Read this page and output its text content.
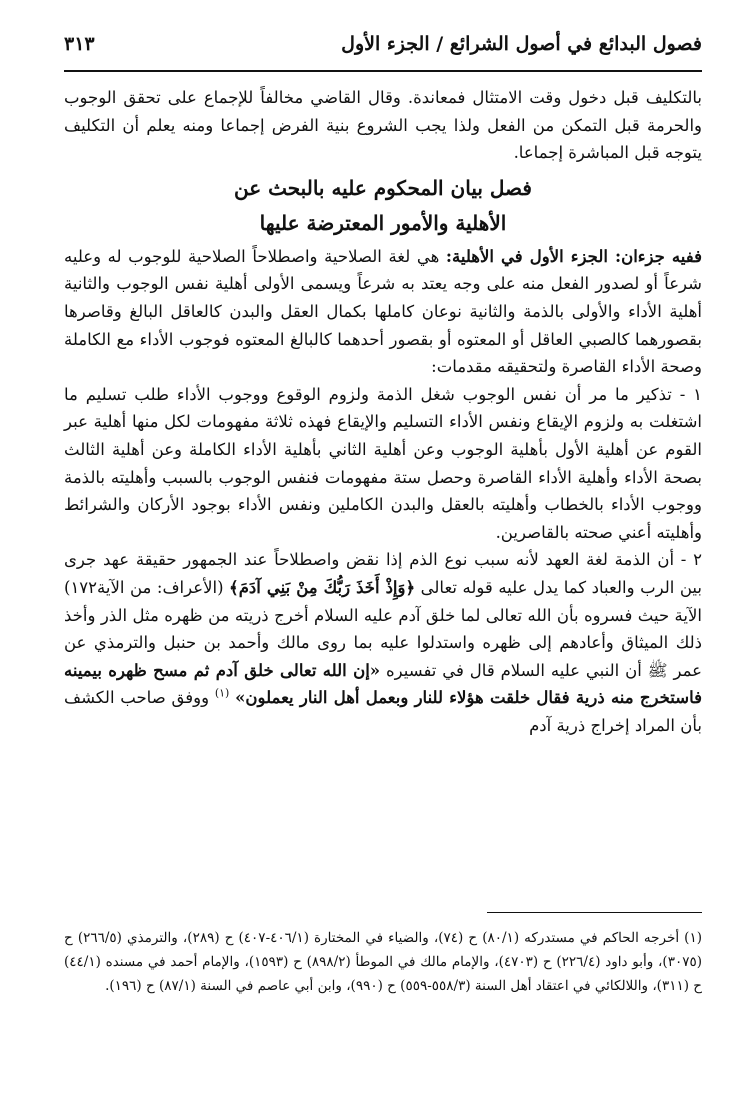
فصول البدائع في أصول الشرائع / الجزء الأول
٣١٣

بالتكليف قبل دخول وقت الامتثال فمعاندة. وقال القاضي مخالفاً للإجماع على تحقق الوجوب والحرمة قبل التمكن من الفعل ولذا يجب الشروع بنية الفرض إجماعا ومنه يعلم أن التكليف يتوجه قبل المباشرة إجماعا.

فصل بيان المحكوم عليه بالبحث عن

الأهلية والأمور المعترضة عليها

ففيه جزءان: الجزء الأول في الأهلية: هي لغة الصلاحية واصطلاحاً الصلاحية للوجوب له وعليه شرعاً أو لصدور الفعل منه على وجه يعتد به شرعاً ويسمى الأولى أهلية نفس الوجوب والثانية أهلية الأداء والأولى بالذمة والثانية نوعان كاملها بكمال العقل والبدن كالعاقل البالغ وقاصرها بقصورهما كالصبي العاقل أو المعتوه أو بقصور أحدهما كالبالغ المعتوه فوجوب الأداء مع الكاملة وصحة الأداء القاصرة ولتحقيقه مقدمات:

١ - تذكير ما مر أن نفس الوجوب شغل الذمة ولزوم الوقوع ووجوب الأداء طلب تسليم ما اشتغلت به ولزوم الإيقاع ونفس الأداء التسليم والإيقاع فهذه ثلاثة مفهومات لكل منها أهلية عبر القوم عن أهلية الأول بأهلية الوجوب وعن أهلية الثاني بأهلية الأداء الكاملة وعن أهلية الثالث بصحة الأداء وأهلية الأداء القاصرة وحصل ستة مفهومات فنفس الوجوب بالسبب وأهليته بالذمة ووجوب الأداء بالخطاب وأهليته بالعقل والبدن الكاملين ونفس الأداء بوجود الأركان والشرائط وأهليته أعني صحته بالقاصرين.

٢ - أن الذمة لغة العهد لأنه سبب نوع الذم إذا نقض واصطلاحاً عند الجمهور حقيقة عهد جرى بين الرب والعباد كما يدل عليه قوله تعالى ﴿وَإِذْ أَخَذَ رَبُّكَ مِنْ بَنِي آدَمَ﴾ (الأعراف: من الآية١٧٢) الآية حيث فسروه بأن الله تعالى لما خلق آدم عليه السلام أخرج ذريته من ظهره مثل الذر وأخذ ذلك الميثاق وأعادهم إلى ظهره واستدلوا عليه بما روى مالك وأحمد بن حنبل والترمذي عن عمر ﷺ أن النبي عليه السلام قال في تفسيره «إن الله تعالى خلق آدم ثم مسح ظهره بيمينه فاستخرج منه ذرية فقال خلقت هؤلاء للنار وبعمل أهل النار يعملون» $^{(١)}$ ووفق صاحب الكشف بأن المراد إخراج ذرية آدم

(١) أخرجه الحاكم في مستدركه (٨٠/١) ح (٧٤)، والضياء في المختارة (٤٠٦/١-٤٠٧) ح (٢٨٩)، والترمذي (٢٦٦/٥) ح (٣٠٧٥)، وأبو داود (٢٢٦/٤) ح (٤٧٠٣)، والإمام مالك في الموطأ (٨٩٨/٢) ح (١٥٩٣)، والإمام أحمد في مسنده (٤٤/١) ح (٣١١)، واللالكائي في اعتقاد أهل السنة (٥٥٨/٣-٥٥٩) ح (٩٩٠)، وابن أبي عاصم في السنة (٨٧/١) ح (١٩٦).
